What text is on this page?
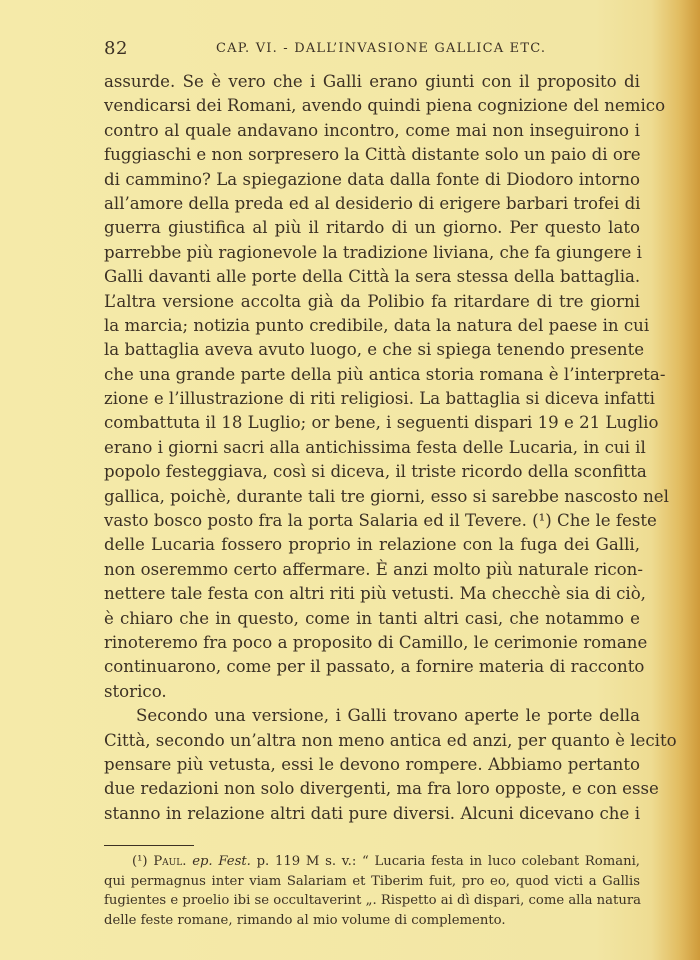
82	CAP. VI. - DALL’INVASIONE GALLICA ETC.
assurde. Se è vero che i Galli erano giunti con il proposito di
vendicarsi dei Romani, avendo quindi piena cognizione del nemico
contro al quale andavano incontro, come mai non inseguirono i
fuggiaschi e non sorpresero la Città distante solo un paio di ore
di cammino? La spiegazione data dalla fonte di Diodoro intorno
all’amore della preda ed al desiderio di erigere barbari trofei di
guerra giustifica al più il ritardo di un giorno. Per questo lato
parrebbe più ragionevole la tradizione liviana, che fa giungere i
Galli davanti alle porte della Città la sera stessa della battaglia.
L’altra versione accolta già da Polibio fa ritardare di tre giorni
la marcia; notizia punto credibile, data la natura del paese in cui
la battaglia aveva avuto luogo, e che si spiega tenendo presente
che una grande parte della più antica storia romana è l’interpreta-
zione e l’illustrazione di riti religiosi. La battaglia si diceva infatti
combattuta il 18 Luglio; or bene, i seguenti dispari 19 e 21 Luglio
erano i giorni sacri alla antichissima festa delle Lucaria, in cui il
popolo festeggiava, così si diceva, il triste ricordo della sconfitta
gallica, poichè, durante tali tre giorni, esso si sarebbe nascosto nel
vasto bosco posto fra la porta Salaria ed il Tevere. (¹) Che le feste
delle Lucaria fossero proprio in relazione con la fuga dei Galli,
non oseremmo certo affermare. È anzi molto più naturale ricon-
nettere tale festa con altri riti più vetusti. Ma checchè sia di ciò,
è chiaro che in questo, come in tanti altri casi, che notammo e
rinoteremo fra poco a proposito di Camillo, le cerimonie romane
continuarono, come per il passato, a fornire materia di racconto
storico.
Secondo una versione, i Galli trovano aperte le porte della
Città, secondo un’altra non meno antica ed anzi, per quanto è lecito
pensare più vetusta, essi le devono rompere. Abbiamo pertanto
due redazioni non solo divergenti, ma fra loro opposte, e con esse
stanno in relazione altri dati pure diversi. Alcuni dicevano che i
(¹) Paul. ep. Fest. p. 119 M s. v.: “ Lucaria festa in luco colebant Romani,
qui permagnus inter viam Salariam et Tiberim fuit, pro eo, quod victi a Gallis
fugientes e proelio ibi se occultaverint „. Rispetto ai dì dispari, come alla natura
delle feste romane, rimando al mio volume di complemento.
